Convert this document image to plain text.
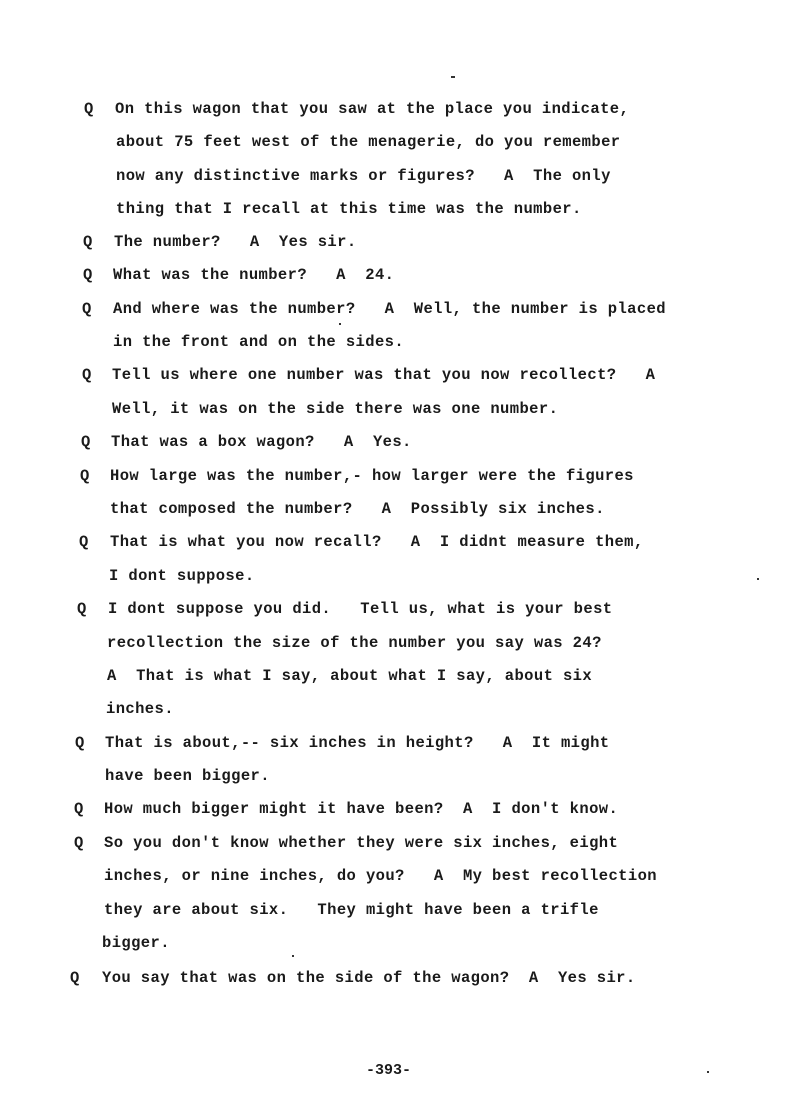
Q On this wagon that you saw at the place you indicate,
about 75 feet west of the menagerie, do you remember
now any distinctive marks or figures?   A  The only
thing that I recall at this time was the number.
Q The number?   A  Yes sir.
Q What was the number?   A  24.
Q And where was the number?   A  Well, the number is placed
in the front and on the sides.
Q Tell us where one number was that you now recollect?   A
Well, it was on the side there was one number.
Q That was a box wagon?   A  Yes.
Q How large was the number,- how larger were the figures
that composed the number?   A  Possibly six inches.
Q That is what you now recall?   A  I didnt measure them,
I dont suppose.
Q I dont suppose you did.   Tell us, what is your best
recollection the size of the number you say was 24?
A  That is what I say, about what I say, about six
inches.
Q That is about,-- six inches in height?   A  It might
have been bigger.
Q How much bigger might it have been?  A  I don't know.
Q So you don't know whether they were six inches, eight
inches, or nine inches, do you?   A  My best recollection
they are about six.   They might have been a trifle
bigger.
Q You say that was on the side of the wagon?  A  Yes sir.
-393-
